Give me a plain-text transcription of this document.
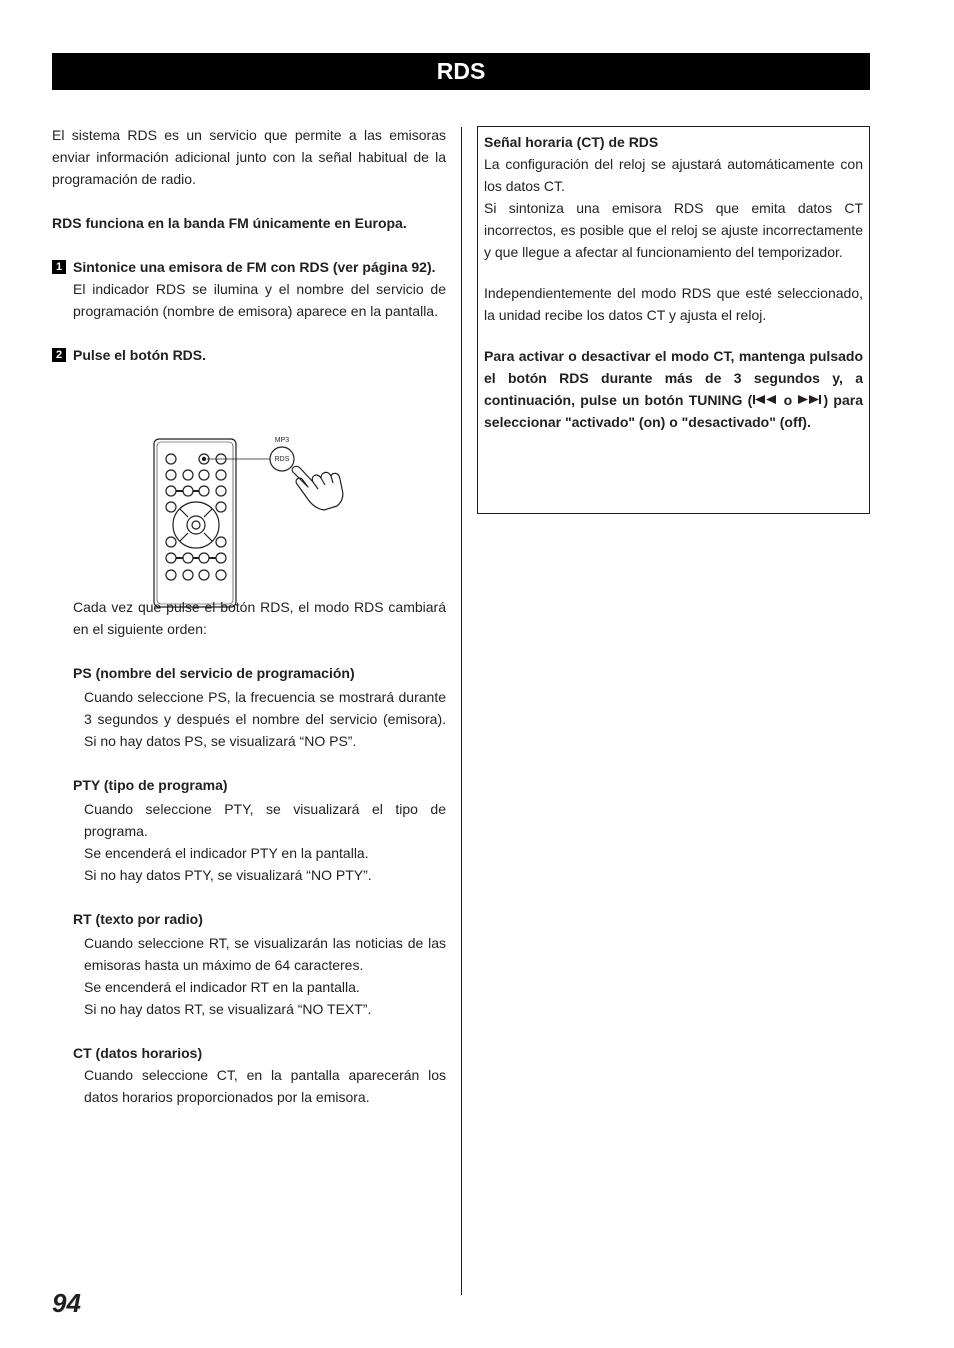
RDS

El sistema RDS es un servicio que permite a las emisoras enviar información adicional junto con la señal habitual de la programación de radio.

RDS funciona en la banda FM únicamente en Europa.

1 Sintonice una emisora de FM con RDS (ver página 92).

El indicador RDS se ilumina y el nombre del servicio de programación (nombre de emisora) aparece en la pantalla.

2 Pulse el botón RDS.

Cada vez que pulse el botón RDS, el modo RDS cambiará en el siguiente orden:

PS (nombre del servicio de programación)

Cuando seleccione PS, la frecuencia se mostrará durante 3 segundos y después el nombre del servicio (emisora). Si no hay datos PS, se visualizará “NO PS”.

PTY (tipo de programa)

Cuando seleccione PTY, se visualizará el tipo de programa.

Se encenderá el indicador PTY en la pantalla.

Si no hay datos PTY, se visualizará “NO PTY”.

RT (texto por radio)

Cuando seleccione RT, se visualizarán las noticias de las emisoras hasta un máximo de 64 caracteres.

Se encenderá el indicador RT en la pantalla.

Si no hay datos RT, se visualizará “NO TEXT”.

CT (datos horarios)

Cuando seleccione CT, en la pantalla aparecerán los datos horarios proporcionados por la emisora.

MP3
RDS

Señal horaria (CT) de RDS

La configuración del reloj se ajustará automáticamente con los datos CT.

Si sintoniza una emisora RDS que emita datos CT incorrectos, es posible que el reloj se ajuste incorrectamente y que llegue a afectar al funcionamiento del temporizador.

Independientemente del modo RDS que esté seleccionado, la unidad recibe los datos CT y ajusta el reloj.

Para activar o desactivar el modo CT, mantenga pulsado el botón RDS durante más de 3 segundos y, a continuación, pulse un botón TUNING ( o ) para seleccionar "activado" (on) o "desactivado" (off).

94
